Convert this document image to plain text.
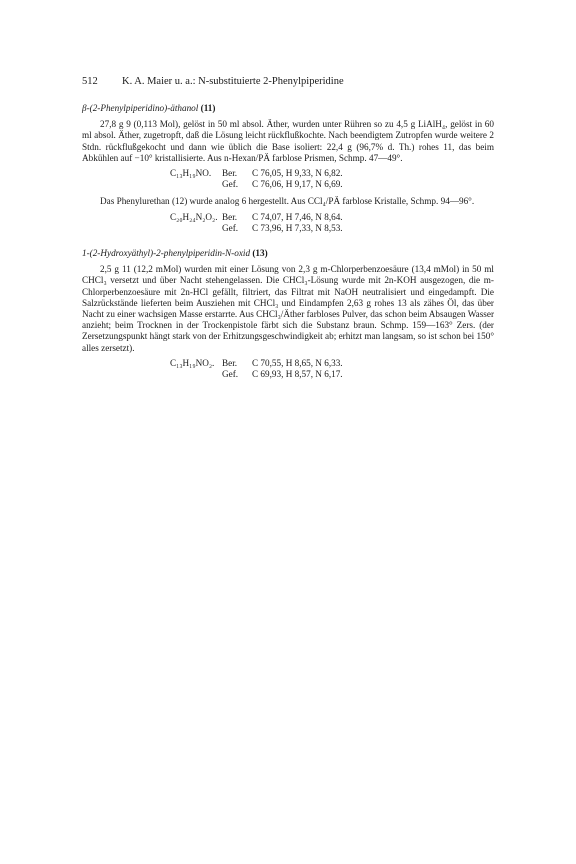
512 K. A. Maier u. a.: N-substituierte 2-Phenylpiperidine
β-(2-Phenylpiperidino)-äthanol (11)

27,8 g 9 (0,113 Mol), gelöst in 50 ml absol. Äther, wurden unter Rühren so zu 4,5 g LiAlH₄, gelöst in 60 ml absol. Äther, zugetropft, daß die Lösung leicht rückflußkochte. Nach beendigtem Zutropfen wurde weitere 2 Stdn. rückflußgekocht und dann wie üblich die Base isoliert: 22,4 g (96,7% d. Th.) rohes 11, das beim Abkühlen auf −10° kristallisierte. Aus n-Hexan/PÄ farblose Prismen, Schmp. 47—49°.

C₁₃H₁₉NO.	Ber.	C 76,05, H 9,33, N 6,82.
Gef.	C 76,06, H 9,17, N 6,69.

Das Phenylurethan (12) wurde analog 6 hergestellt. Aus CCl₄/PÄ farblose Kristalle, Schmp. 94—96°.

C₂₀H₂₄N₂O₂. Ber.	C 74,07, H 7,46, N 8,64.
Gef.	C 73,96, H 7,33, N 8,53.
1-(2-Hydroxyäthyl)-2-phenylpiperidin-N-oxid (13)

2,5 g 11 (12,2 mMol) wurden mit einer Lösung von 2,3 g m-Chlorperbenzoesäure (13,4 mMol) in 50 ml CHCl₃ versetzt und über Nacht stehengelassen. Die CHCl₃-Lösung wurde mit 2n-KOH ausgezogen, die m-Chlorperbenzoesäure mit 2n-HCl gefällt, filtriert, das Filtrat mit NaOH neutralisiert und eingedampft. Die Salzrückstände lieferten beim Ausziehen mit CHCl₃ und Eindampfen 2,63 g rohes 13 als zähes Öl, das über Nacht zu einer wachsigen Masse erstarrte. Aus CHCl₃/Äther farbloses Pulver, das schon beim Absaugen Wasser anzieht; beim Trocknen in der Trockenpistole färbt sich die Substanz braun. Schmp. 159—163° Zers. (der Zersetzungspunkt hängt stark von der Erhitzungsgeschwindigkeit ab; erhitzt man langsam, so ist schon bei 150° alles zersetzt).

C₁₃H₁₉NO₂. Ber.	C 70,55, H 8,65, N 6,33.
Gef.	C 69,93, H 8,57, N 6,17.
